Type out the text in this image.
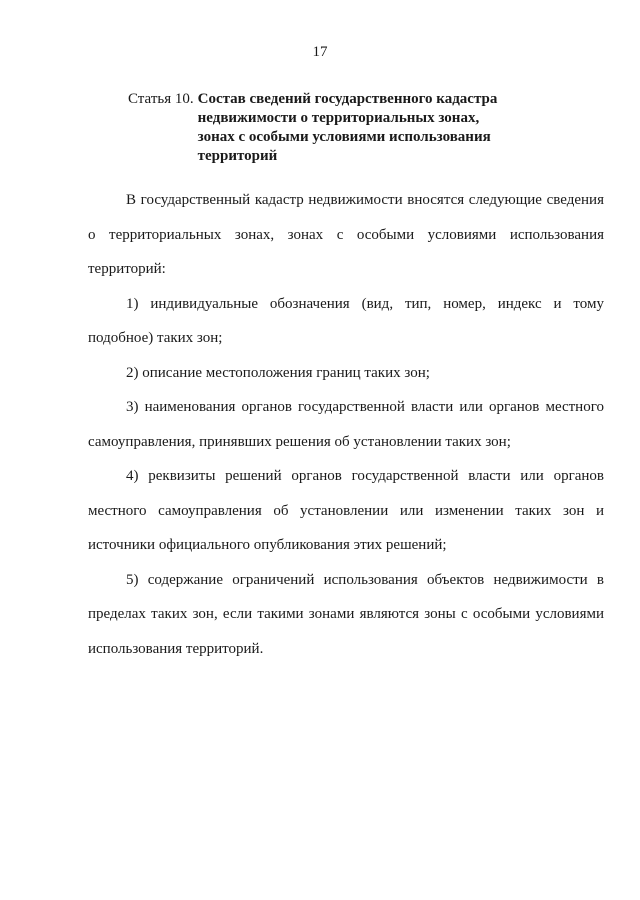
17
Статья 10. Состав сведений государственного кадастра
недвижимости о территориальных зонах,
зонах с особыми условиями использования
территорий
В государственный кадастр недвижимости вносятся следующие сведения
о территориальных зонах, зонах с особыми условиями использования
территорий:
1) индивидуальные обозначения (вид, тип, номер, индекс и тому
подобное) таких зон;
2) описание местоположения границ таких зон;
3) наименования органов государственной власти или органов местного
самоуправления, принявших решения об установлении таких зон;
4) реквизиты решений органов государственной власти или органов
местного самоуправления об установлении или изменении таких зон и
источники официального опубликования этих решений;
5) содержание ограничений использования объектов недвижимости в
пределах таких зон, если такими зонами являются зоны с особыми условиями
использования территорий.
